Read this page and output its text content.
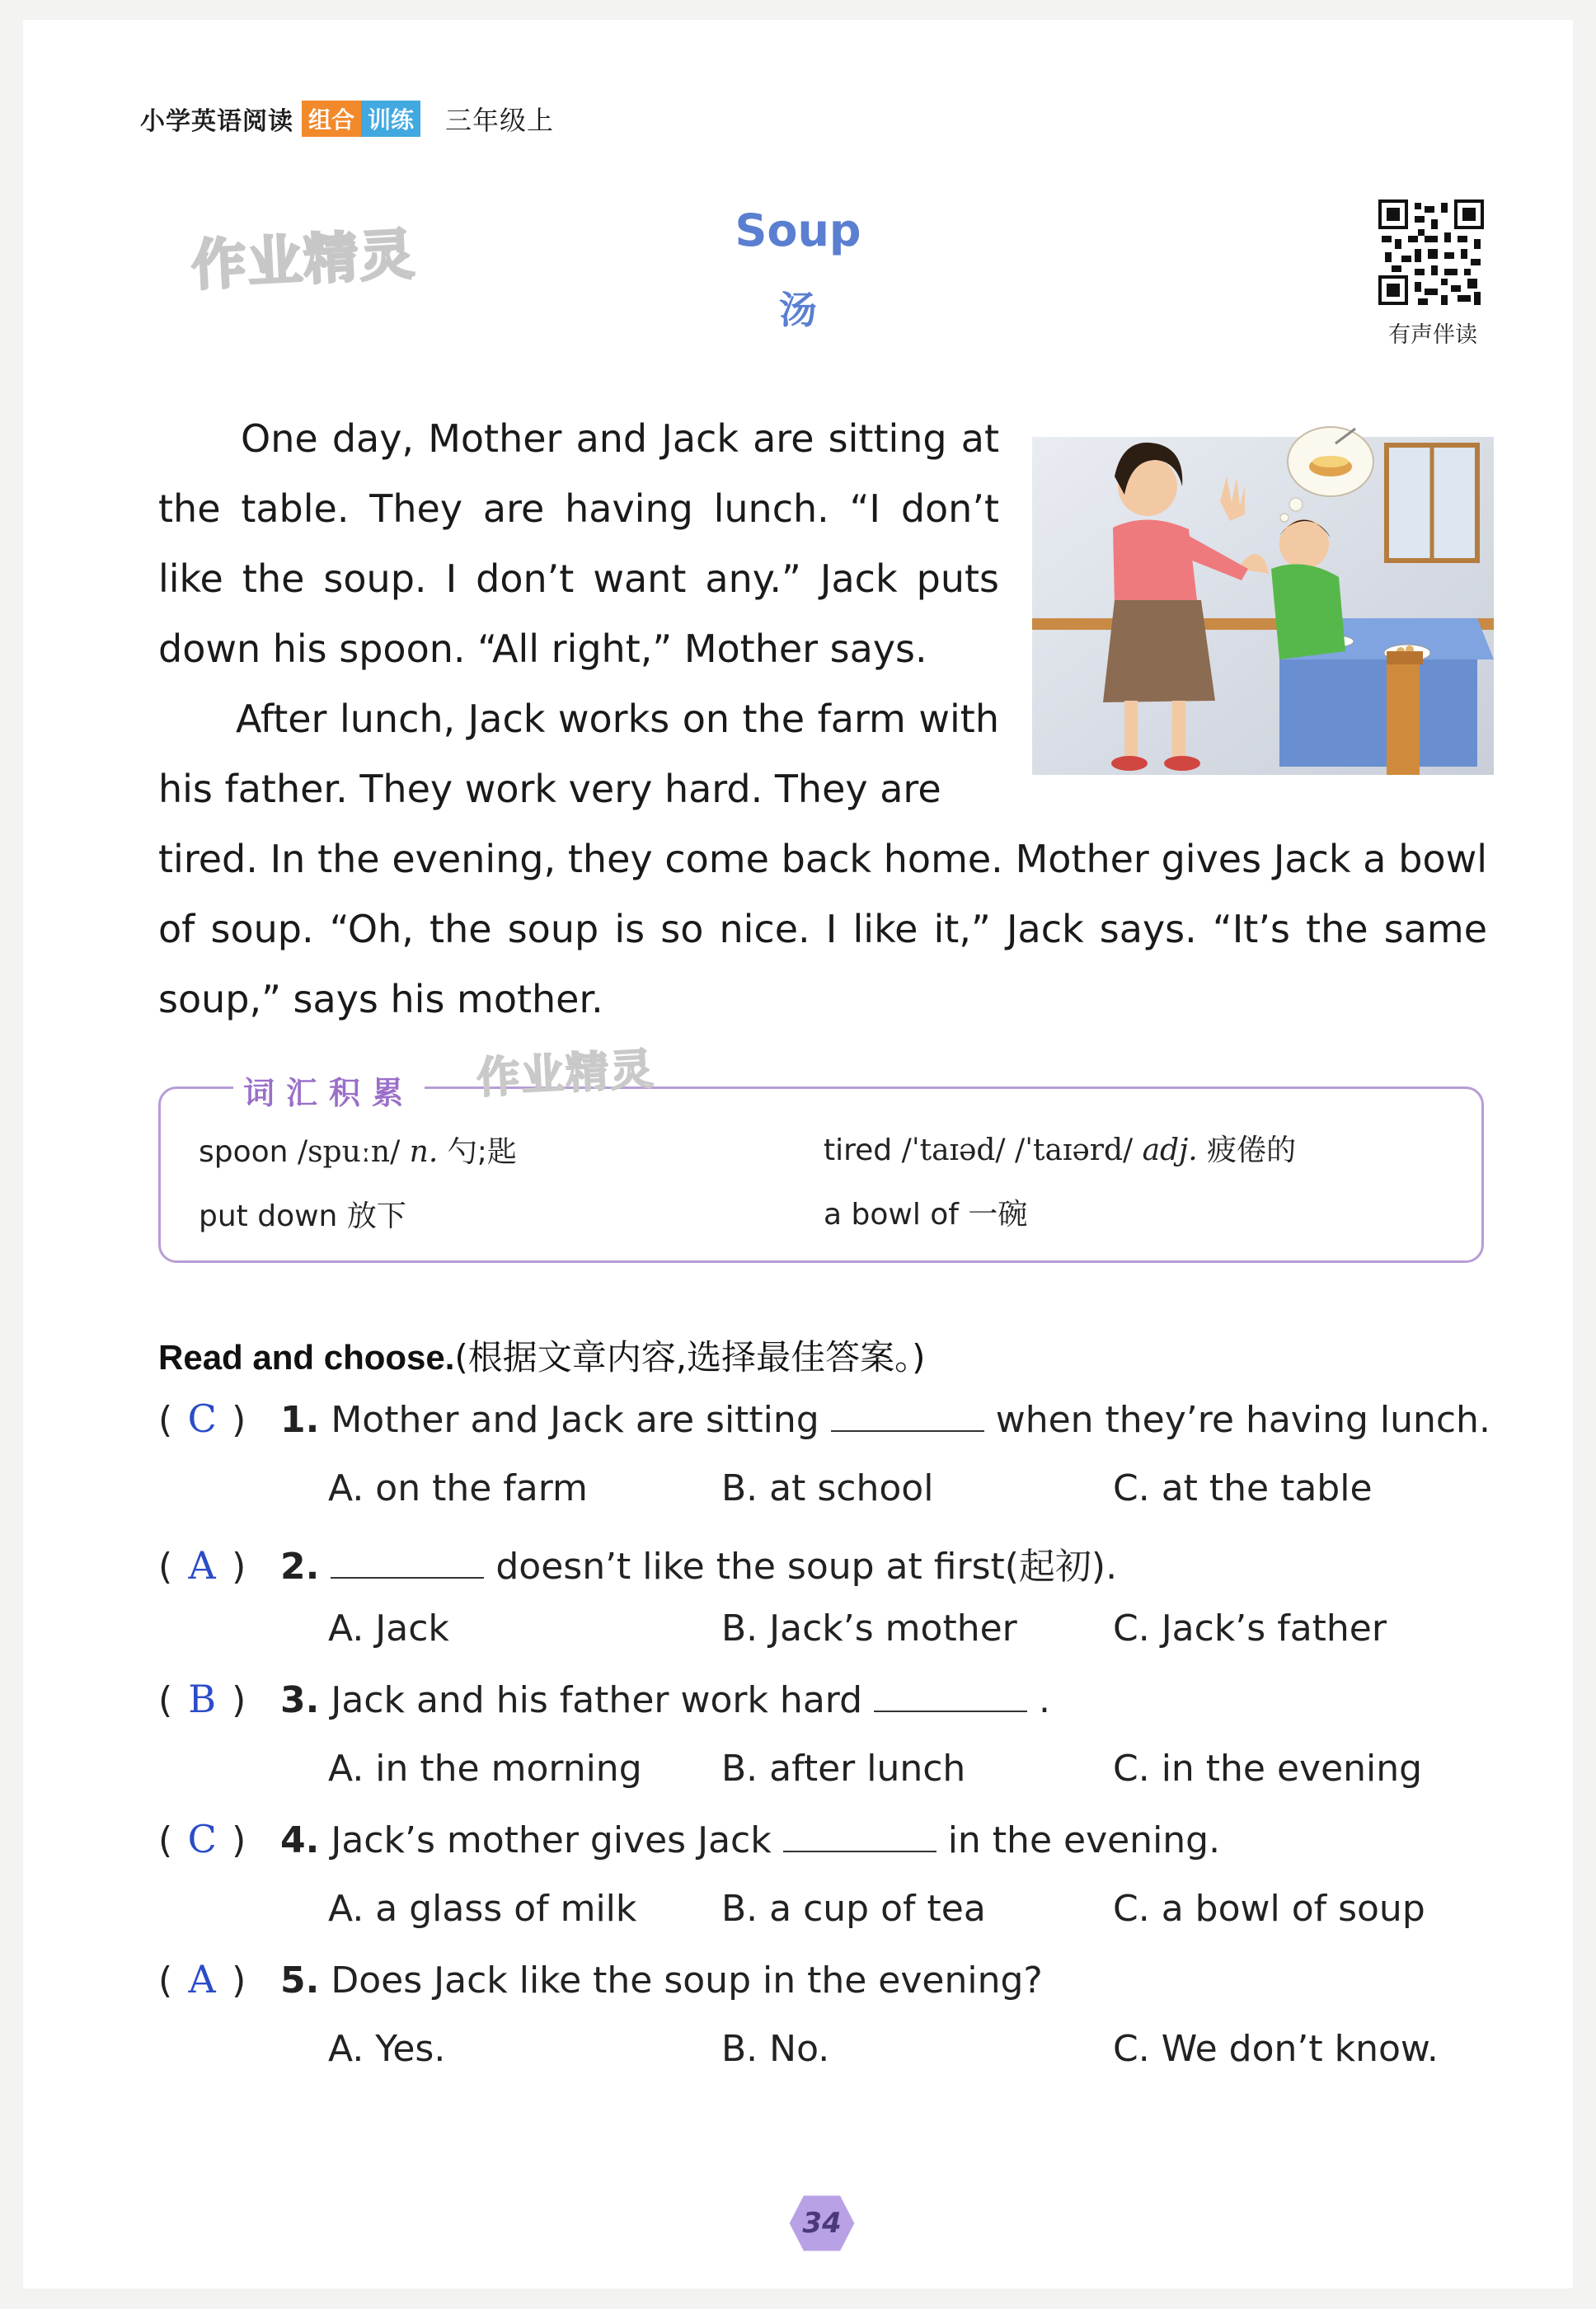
小学英语阅读 组合 训练 三年级上
作业精灵	Soup
汤
有声伴读

One day, Mother and Jack are sitting at the table. They are having lunch. “I don’t like the soup. I don’t want any.” Jack puts down his spoon. “All right,” Mother says.

After lunch, Jack works on the farm with his father. They work very hard. They are
tired. In the evening, they come back home. Mother gives Jack a bowl of soup. “Oh, the soup is so nice. I like it,” Jack says. “It’s the same soup,” says his mother.

词汇积累
spoon /spuːn/ n. 勺;匙	tired /ˈtaɪəd/ /ˈtaɪərd/ adj. 疲倦的
put down 放下	a bowl of 一碗
作业精灵
Read and choose.(根据文章内容,选择最佳答案。)
( C ) 1. Mother and Jack are sitting	when they’re having lunch.
A. on the farm	B. at school	C. at the table
( A ) 2.	doesn’t like the soup at first(起初).
A. Jack	B. Jack’s mother	C. Jack’s father
( B ) 3. Jack and his father work hard	.
A. in the morning B. after lunch	C. in the evening
( C ) 4. Jack’s mother gives Jack	in the evening.
A. a glass of milk B. a cup of tea	C. a bowl of soup
( A ) 5. Does Jack like the soup in the evening?
A. Yes.	B. No.	C. We don’t know.
34
